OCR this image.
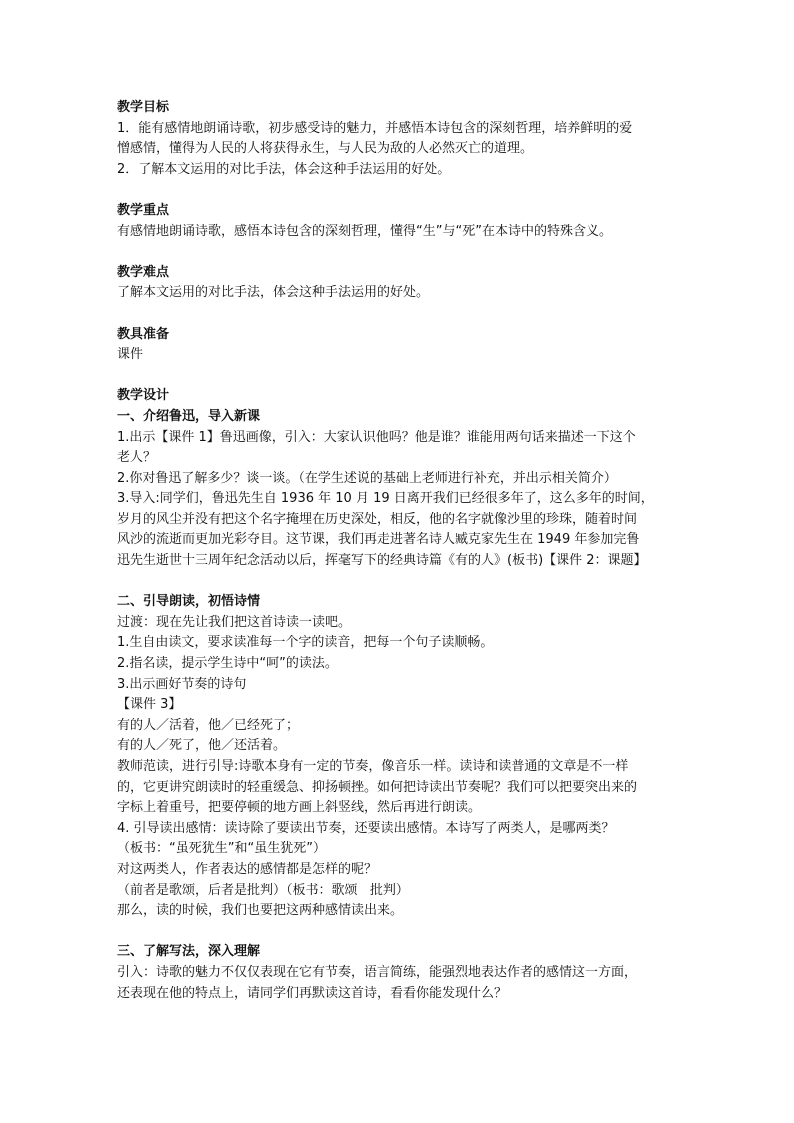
教学目标

1．能有感情地朗诵诗歌，初步感受诗的魅力，并感悟本诗包含的深刻哲理，培养鲜明的爱

憎感情，懂得为人民的人将获得永生，与人民为敌的人必然灭亡的道理。

2．了解本文运用的对比手法，体会这种手法运用的好处。

教学重点

有感情地朗诵诗歌，感悟本诗包含的深刻哲理，懂得“生”与“死”在本诗中的特殊含义。

教学难点

了解本文运用的对比手法，体会这种手法运用的好处。

教具准备

课件

教学设计

一、介绍鲁迅，导入新课

1.出示【课件 1】鲁迅画像，引入：大家认识他吗？他是谁？谁能用两句话来描述一下这个

老人？

2.你对鲁迅了解多少？谈一谈。（在学生述说的基础上老师进行补充，并出示相关简介）

3.导入:同学们，鲁迅先生自 1936 年 10 月 19 日离开我们已经很多年了，这么多年的时间，

岁月的风尘并没有把这个名字掩埋在历史深处，相反，他的名字就像沙里的珍珠，随着时间

风沙的流逝而更加光彩夺目。这节课，我们再走进著名诗人臧克家先生在 1949 年参加完鲁

迅先生逝世十三周年纪念活动以后，挥毫写下的经典诗篇《有的人》(板书)【课件 2：课题】

二、引导朗读，初悟诗情

过渡：现在先让我们把这首诗读一读吧。

1.生自由读文，要求读准每一个字的读音，把每一个句子读顺畅。

2.指名读，提示学生诗中“呵”的读法。

3.出示画好节奏的诗句

【课件 3】

有的人／活着，他／已经死了；

有的人／死了，他／还活着。

教师范读，进行引导:诗歌本身有一定的节奏，像音乐一样。读诗和读普通的文章是不一样

的，它更讲究朗读时的轻重缓急、抑扬顿挫。如何把诗读出节奏呢？我们可以把要突出来的

字标上着重号，把要停顿的地方画上斜竖线，然后再进行朗读。

4. 引导读出感情：读诗除了要读出节奏，还要读出感情。本诗写了两类人，是哪两类？

（板书：“虽死犹生”和“虽生犹死”）

对这两类人，作者表达的感情都是怎样的呢？

（前者是歌颂，后者是批判）（板书：歌颂   批判）

那么，读的时候，我们也要把这两种感情读出来。

三、了解写法，深入理解

引入：诗歌的魅力不仅仅表现在它有节奏，语言简练，能强烈地表达作者的感情这一方面，

还表现在他的特点上，请同学们再默读这首诗，看看你能发现什么？
